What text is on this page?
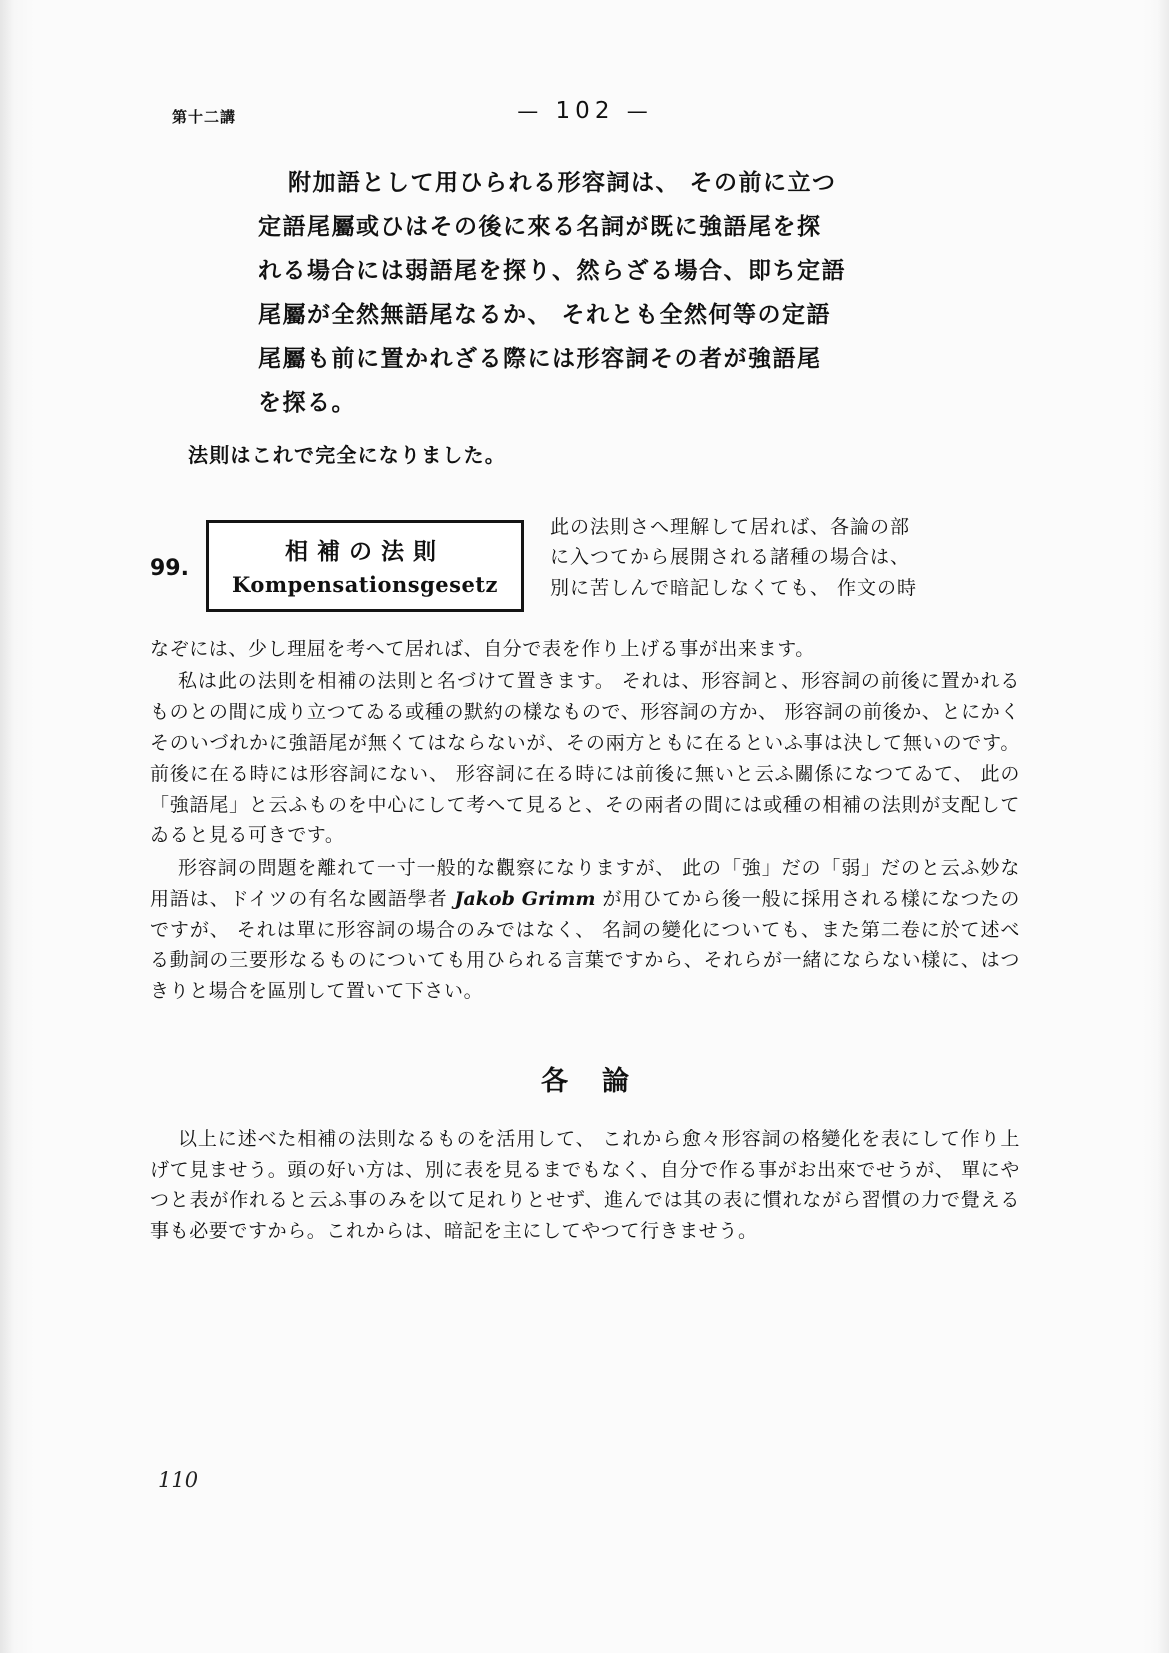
第十二講	— 102 —

附加語として用ひられる形容詞は、 その前に立つ

定語尾屬或ひはその後に來る名詞が既に強語尾を探

れる場合には弱語尾を探り、然らざる場合、即ち定語

尾屬が全然無語尾なるか、 それとも全然何等の定語

尾屬も前に置かれざる際には形容詞その者が強語尾

を探る。

法則はこれで完全になりました。
99.
相補の法則
Kompensationsgesetz
此の法則さへ理解して居れば、各論の部
に入つてから展開される諸種の場合は、
別に苦しんで暗記しなくても、 作文の時

なぞには、少し理屈を考へて居れば、自分で表を作り上げる事が出来ます。

私は此の法則を相補の法則と名づけて置きます。 それは、形容詞と、形容詞の前後に置かれるものとの間に成り立つてゐる或種の默約の樣なもので、形容詞の方か、 形容詞の前後か、とにかくそのいづれかに強語尾が無くてはならないが、その兩方ともに在るといふ事は決して無いのです。 前後に在る時には形容詞にない、 形容詞に在る時には前後に無いと云ふ關係になつてゐて、 此の「強語尾」と云ふものを中心にして考へて見ると、その兩者の間には或種の相補の法則が支配してゐると見る可きです。

形容詞の問題を離れて一寸一般的な觀察になりますが、 此の「強」だの「弱」だのと云ふ妙な用語は、ドイツの有名な國語學者 Jakob Grimm が用ひてから後一般に採用される樣になつたのですが、 それは單に形容詞の場合のみではなく、 名詞の變化についても、また第二卷に於て述べる動詞の三要形なるものについても用ひられる言葉ですから、それらが一緒にならない樣に、はつきりと場合を區別して置いて下さい。

各論

以上に述べた相補の法則なるものを活用して、 これから愈々形容詞の格變化を表にして作り上げて見ませう。頭の好い方は、別に表を見るまでもなく、自分で作る事がお出來でせうが、 單にやつと表が作れると云ふ事のみを以て足れりとせず、進んでは其の表に慣れながら習慣の力で覺える事も必要ですから。これからは、暗記を主にしてやつて行きませう。

110
